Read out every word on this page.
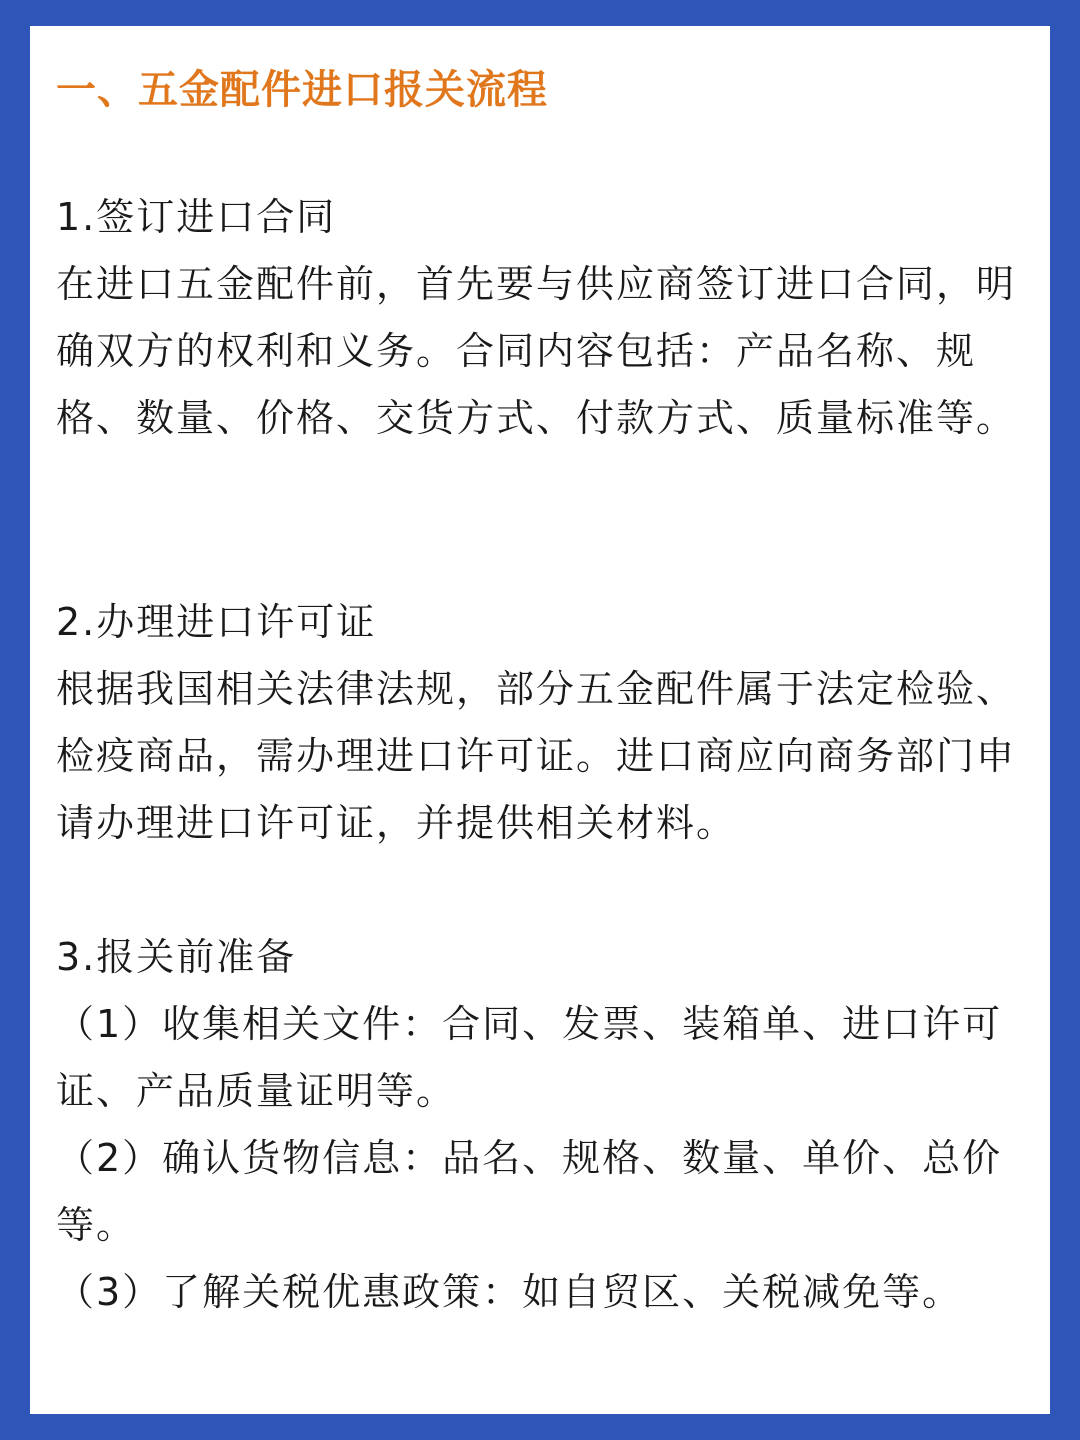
一、五金配件进口报关流程

1.签订进口合同

在进口五金配件前，首先要与供应商签订进口合同，明确双方的权利和义务。合同内容包括：产品名称、规格、数量、价格、交货方式、付款方式、质量标准等。

2.办理进口许可证

根据我国相关法律法规，部分五金配件属于法定检验、检疫商品，需办理进口许可证。进口商应向商务部门申请办理进口许可证，并提供相关材料。

3.报关前准备

（1）收集相关文件：合同、发票、装箱单、进口许可证、产品质量证明等。

（2）确认货物信息：品名、规格、数量、单价、总价等。

（3）了解关税优惠政策：如自贸区、关税减免等。
